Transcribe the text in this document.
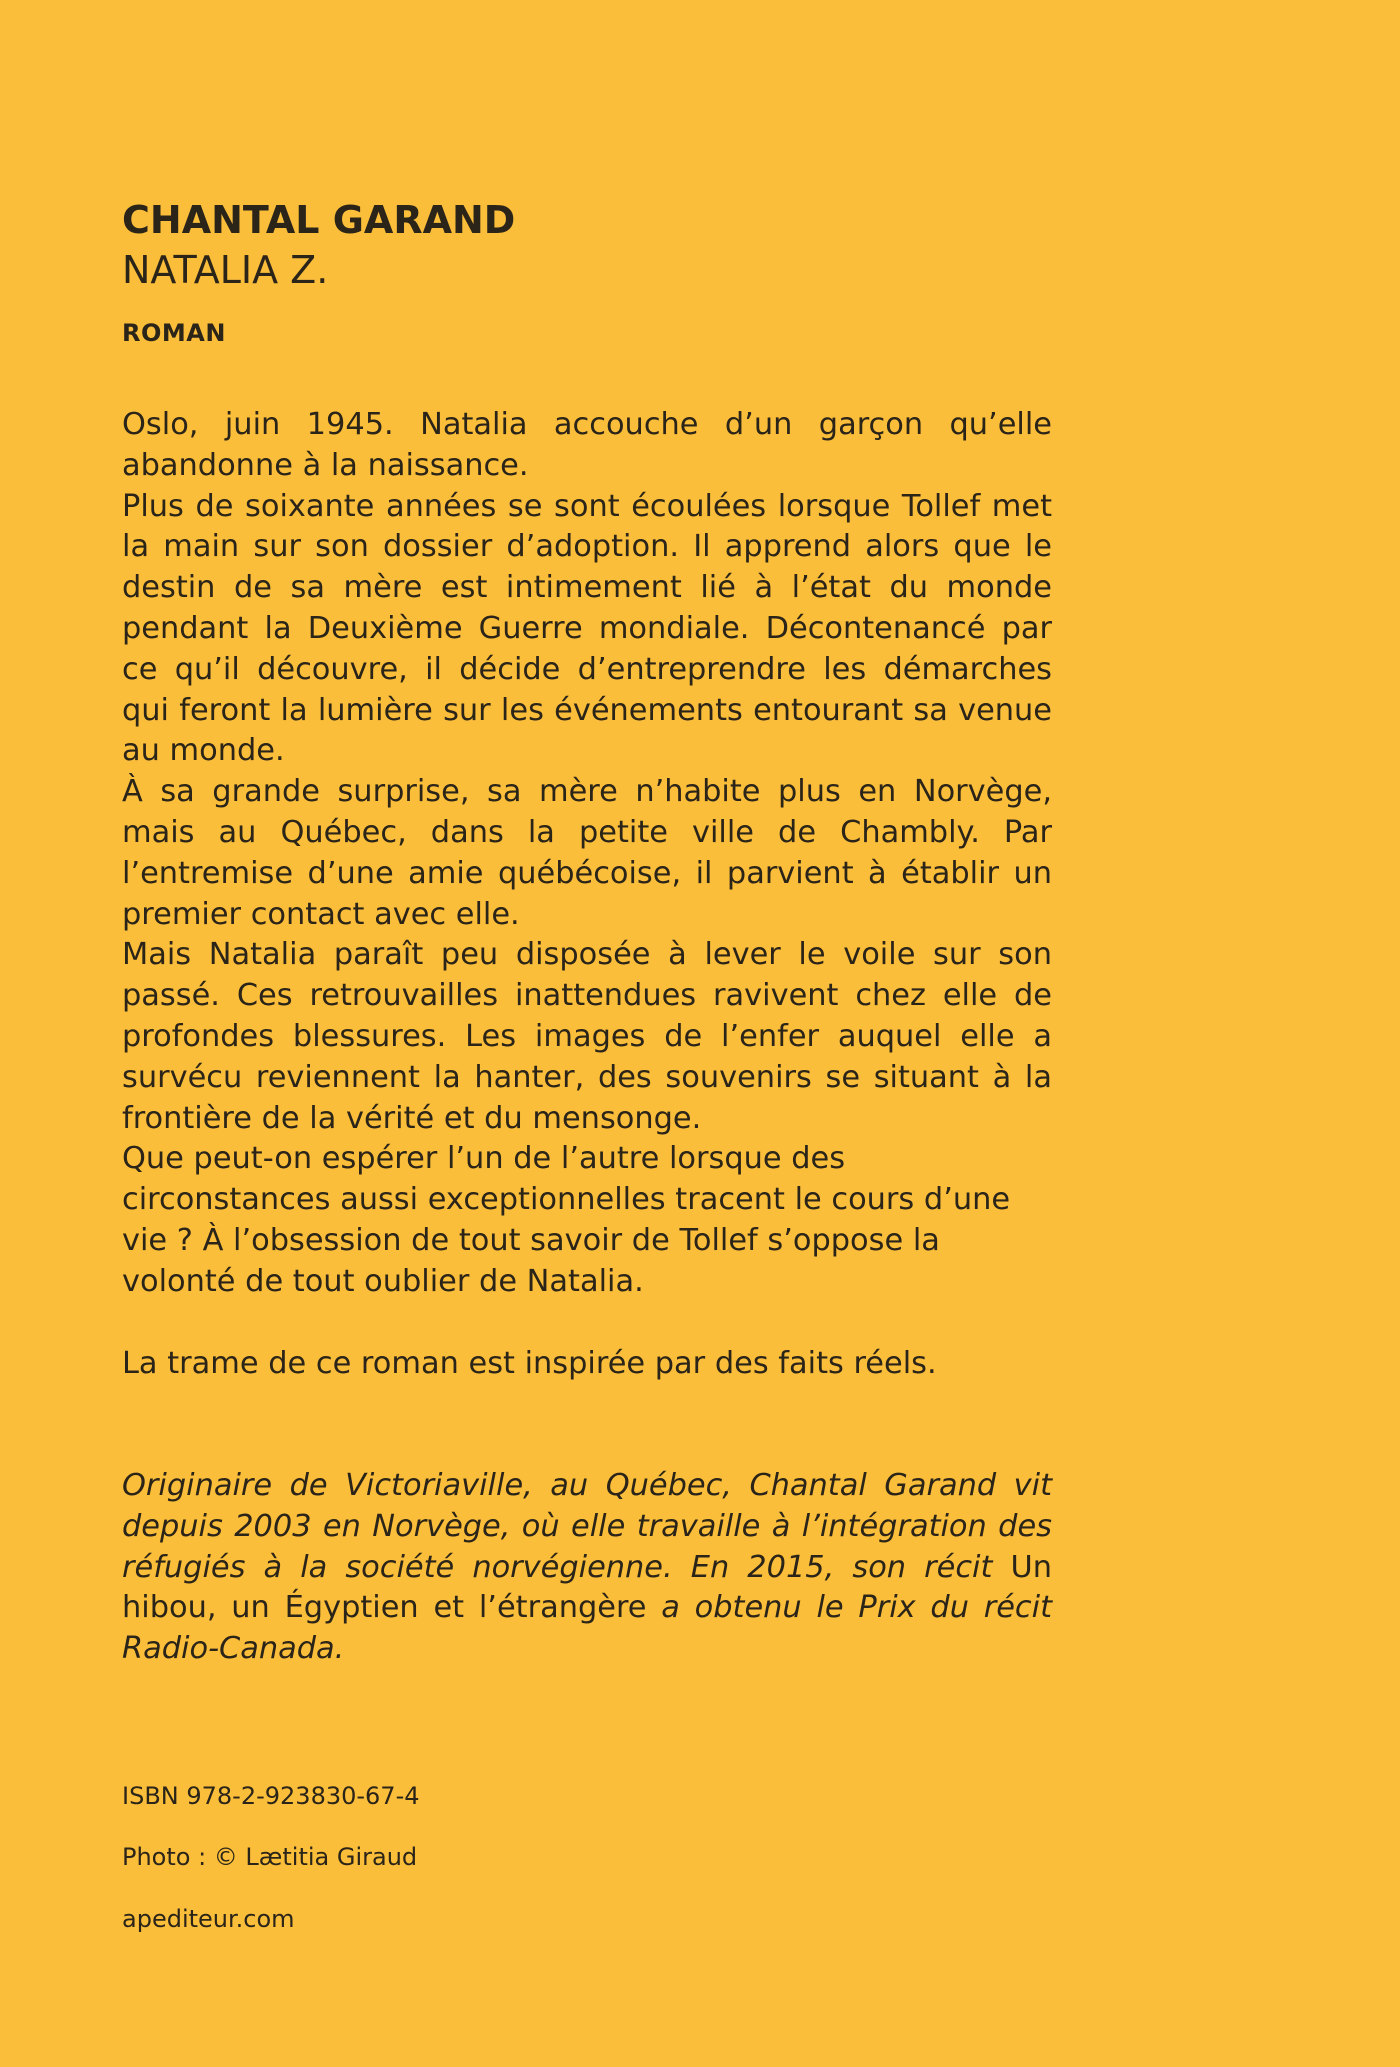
CHANTAL GARAND
NATALIA Z.
ROMAN

Oslo, juin 1945. Natalia accouche d’un garçon qu’elle abandonne à la naissance.

Plus de soixante années se sont écoulées lorsque Tollef met la main sur son dossier d’adoption. Il apprend alors que le destin de sa mère est intimement lié à l’état du monde pendant la Deuxième Guerre mondiale. Décontenancé par ce qu’il découvre, il décide d’entreprendre les démarches qui feront la lumière sur les événements entourant sa venue au monde.

À sa grande surprise, sa mère n’habite plus en Norvège, mais au Québec, dans la petite ville de Chambly. Par l’entremise d’une amie québécoise, il parvient à établir un premier contact avec elle.

Mais Natalia paraît peu disposée à lever le voile sur son passé. Ces retrouvailles inattendues ravivent chez elle de profondes blessures. Les images de l’enfer auquel elle a survécu reviennent la hanter, des souvenirs se situant à la frontière de la vérité et du mensonge.

Que peut-on espérer l’un de l’autre lorsque des circonstances aussi exceptionnelles tracent le cours d’une vie ? À l’obsession de tout savoir de Tollef s’oppose la volonté de tout oublier de Natalia.

La trame de ce roman est inspirée par des faits réels.

Originaire de Victoriaville, au Québec, Chantal Garand vit depuis 2003 en Norvège, où elle travaille à l’intégration des réfugiés à la société norvégienne. En 2015, son récit Un hibou, un Égyptien et l’étrangère a obtenu le Prix du récit Radio-Canada.

ISBN 978-2-923830-67-4
Photo : © Lætitia Giraud
apediteur.com
